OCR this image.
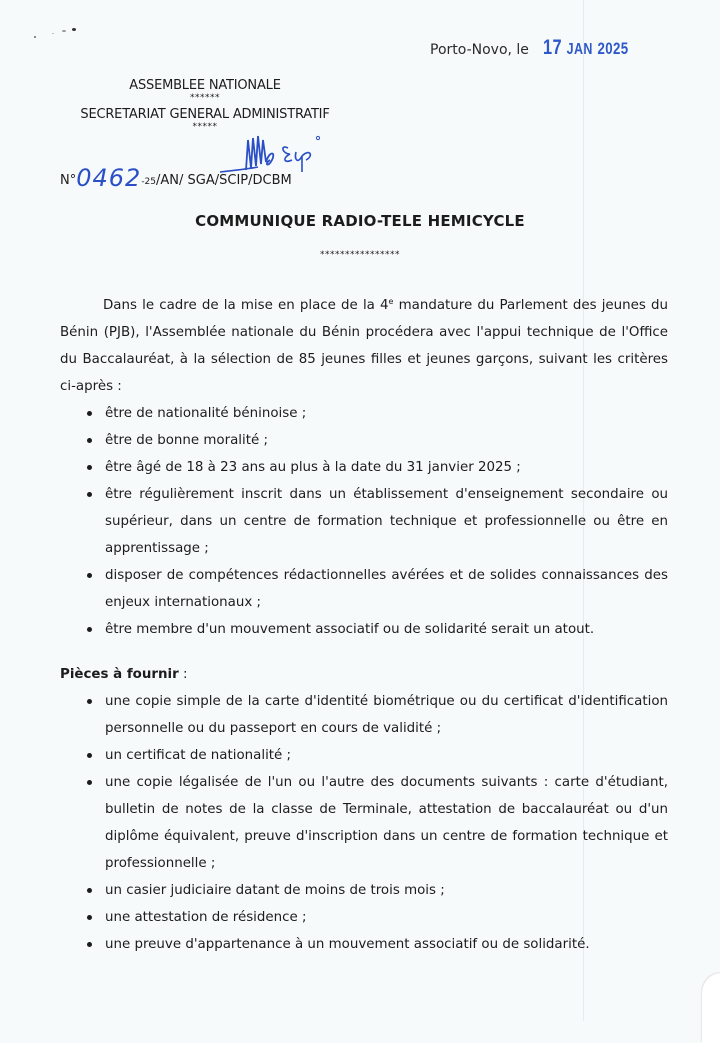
Porto-Novo, le 17 JAN 2025
ASSEMBLEE NATIONALE
******
SECRETARIAT GENERAL ADMINISTRATIF
*****
N°0462-25/AN/ SGA/SCIP/DCBM
COMMUNIQUE RADIO-TELE HEMICYCLE
****************

Dans le cadre de la mise en place de la 4e mandature du Parlement des jeunes du Bénin (PJB), l'Assemblée nationale du Bénin procédera avec l'appui technique de l'Office du Baccalauréat, à la sélection de 85 jeunes filles et jeunes garçons, suivant les critères ci-après :

être de nationalité béninoise ;
être de bonne moralité ;
être âgé de 18 à 23 ans au plus à la date du 31 janvier 2025 ;
être régulièrement inscrit dans un établissement d'enseignement secondaire ou supérieur, dans un centre de formation technique et professionnelle ou être en apprentissage ;
disposer de compétences rédactionnelles avérées et de solides connaissances des enjeux internationaux ;
être membre d'un mouvement associatif ou de solidarité serait un atout.
Pièces à fournir :
une copie simple de la carte d'identité biométrique ou du certificat d'identification personnelle ou du passeport en cours de validité ;
un certificat de nationalité ;
une copie légalisée de l'un ou l'autre des documents suivants : carte d'étudiant, bulletin de notes de la classe de Terminale, attestation de baccalauréat ou d'un diplôme équivalent, preuve d'inscription dans un centre de formation technique et professionnelle ;
un casier judiciaire datant de moins de trois mois ;
une attestation de résidence ;
une preuve d'appartenance à un mouvement associatif ou de solidarité.
